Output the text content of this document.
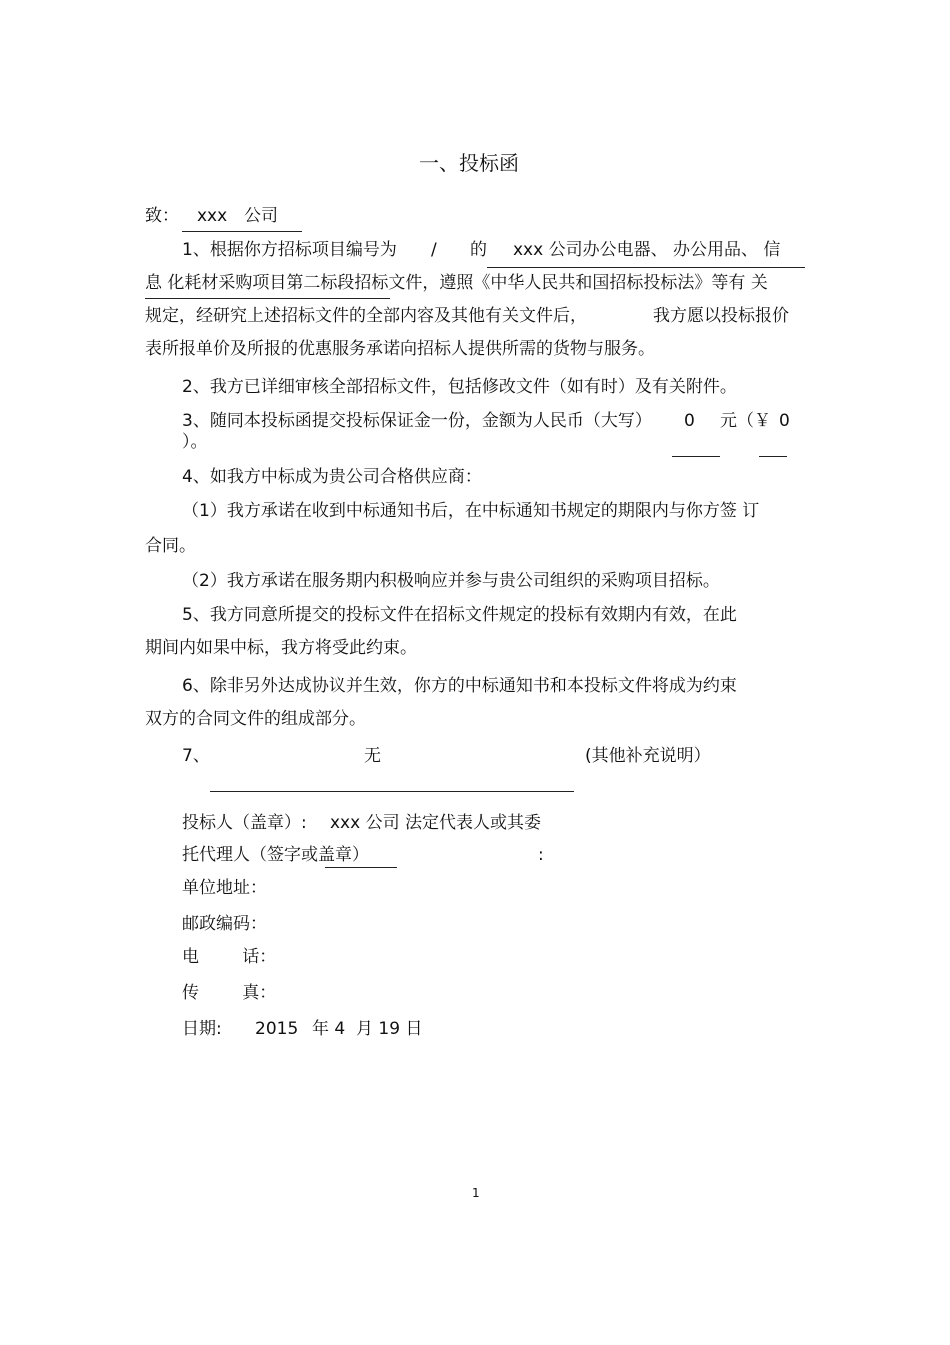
一、投标函
致： xxx 公司
1、根据你方招标项目编号为 / 的 xxx 公司办公电器、 办公用品、 信
息 化耗材采购项目第二标段招标文件，遵照《中华人民共和国招标投标法》等有 关
规定，经研究上述招标文件的全部内容及其他有关文件后，	我方愿以投标报价
表所报单价及所报的优惠服务承诺向招标人提供所需的货物与服务。
2、我方已详细审核全部招标文件，包括修改文件（如有时）及有关附件。
3、随同本投标函提交投标保证金一份，金额为人民币（大写） 0 元（￥ 0
）。
4、如我方中标成为贵公司合格供应商：
（1）我方承诺在收到中标通知书后，在中标通知书规定的期限内与你方签 订
合同。
（2）我方承诺在服务期内积极响应并参与贵公司组织的采购项目招标。
5、我方同意所提交的投标文件在招标文件规定的投标有效期内有效，在此
期间内如果中标，我方将受此约束。
6、除非另外达成协议并生效，你方的中标通知书和本投标文件将成为约束
双方的合同文件的组成部分。
7、	无	(其他补充说明）
投标人（盖章）: xxx 公司 法定代表人或其委
托代理人（签字或盖章）	:
单位地址：
邮政编码：
电        话：
传        真：
日期: 2015 年 4  月 19 日
1
